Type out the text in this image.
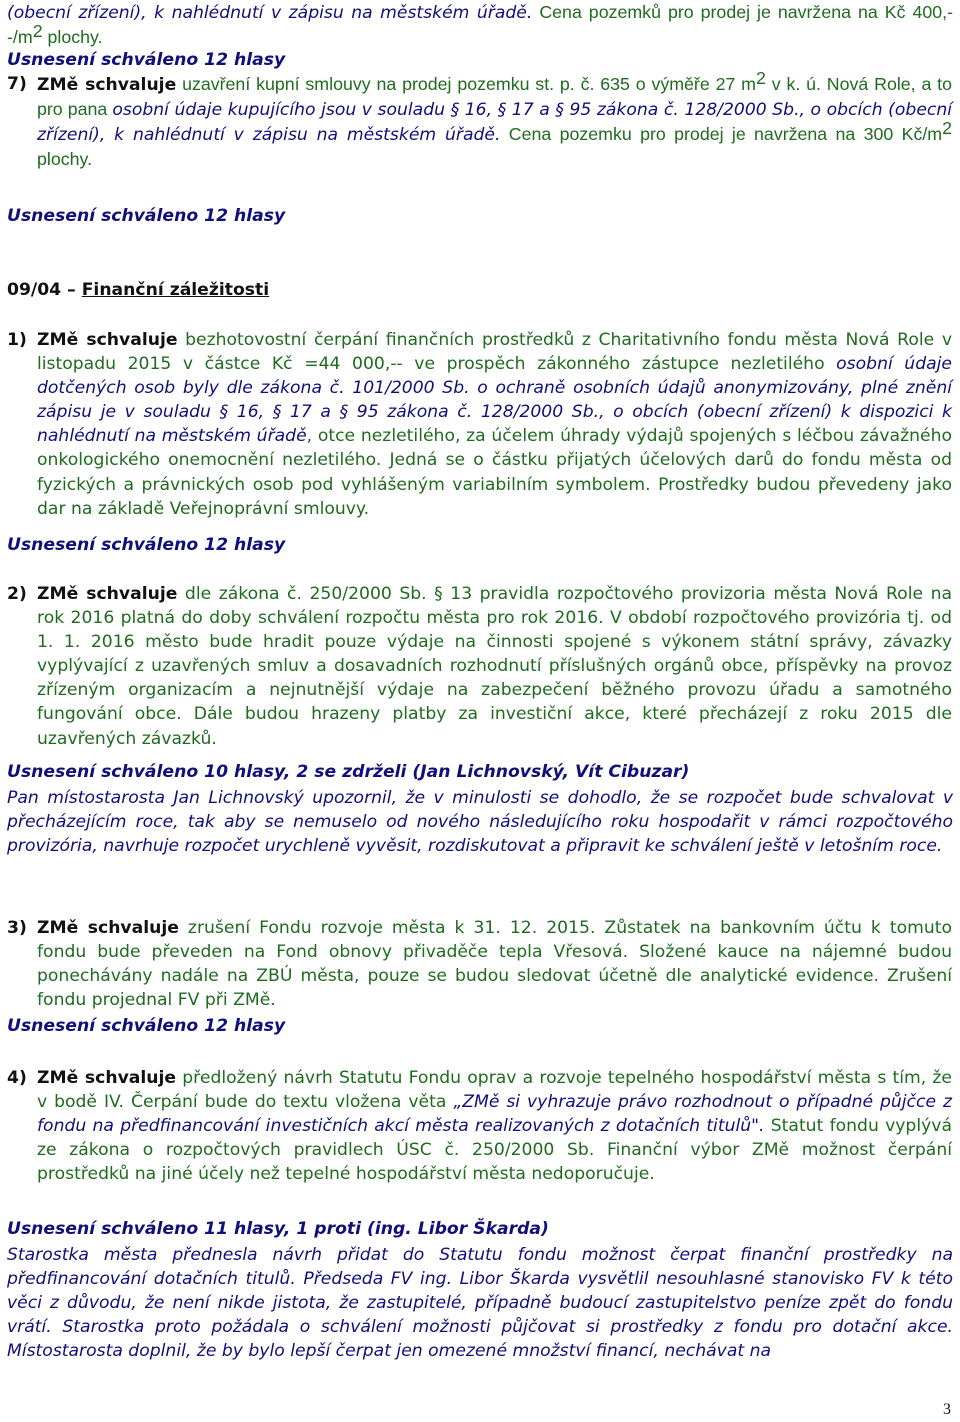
(obecní zřízení), k nahlédnutí v zápisu na městském úřadě. Cena pozemků pro prodej je navržena na Kč $400,--/m^2$ plochy.

Usnesení schváleno 12 hlasy

7) ZMě schvaluje uzavření kupní smlouvy na prodej pozemku st. p. č. 635 o výměře 27 $m^2$ v k. ú. Nová Role, a to pro pana osobní údaje kupujícího jsou v souladu § 16, § 17 a § 95 zákona č. 128/2000 Sb., o obcích (obecní zřízení), k nahlédnutí v zápisu na městském úřadě. Cena pozemku pro prodej je navržena na 300 $Kč/m^2$ plochy.

Usnesení schváleno 12 hlasy

09/04 – Finanční záležitosti
1) ZMě schvaluje bezhotovostní čerpání finančních prostředků z Charitativního fondu města Nová Role v listopadu 2015 v částce Kč =44 000,-- ve prospěch zákonného zástupce nezletilého osobní údaje dotčených osob byly dle zákona č. 101/2000 Sb. o ochraně osobních údajů anonymizovány, plné znění zápisu je v souladu § 16, § 17 a § 95 zákona č. 128/2000 Sb., o obcích (obecní zřízení) k dispozici k nahlédnutí na městském úřadě, otce nezletilého, za účelem úhrady výdajů spojených s léčbou závažného onkologického onemocnění nezletilého. Jedná se o částku přijatých účelových darů do fondu města od fyzických a právnických osob pod vyhlášeným variabilním symbolem. Prostředky budou převedeny jako dar na základě Veřejnoprávní smlouvy.

Usnesení schváleno 12 hlasy

2) ZMě schvaluje dle zákona č. 250/2000 Sb. § 13 pravidla rozpočtového provizoria města Nová Role na rok 2016 platná do doby schválení rozpočtu města pro rok 2016. V období rozpočtového provizória tj. od 1. 1. 2016 město bude hradit pouze výdaje na činnosti spojené s výkonem státní správy, závazky vyplývající z uzavřených smluv a dosavadních rozhodnutí příslušných orgánů obce, příspěvky na provoz zřízeným organizacím a nejnutnější výdaje na zabezpečení běžného provozu úřadu a samotného fungování obce. Dále budou hrazeny platby za investiční akce, které přecházejí z roku 2015 dle uzavřených závazků.

Usnesení schváleno 10 hlasy, 2 se zdrželi (Jan Lichnovský, Vít Cibuzar)

Pan místostarosta Jan Lichnovský upozornil, že v minulosti se dohodlo, že se rozpočet bude schvalovat v přecházejícím roce, tak aby se nemuselo od nového následujícího roku hospodařit v rámci rozpočtového provizória, navrhuje rozpočet urychleně vyvěsit, rozdiskutovat a připravit ke schválení ještě v letošním roce.

3) ZMě schvaluje zrušení Fondu rozvoje města k 31. 12. 2015. Zůstatek na bankovním účtu k tomuto fondu bude převeden na Fond obnovy přivaděče tepla Vřesová. Složené kauce na nájemné budou ponechávány nadále na ZBÚ města, pouze se budou sledovat účetně dle analytické evidence. Zrušení fondu projednal FV při ZMě.

Usnesení schváleno 12 hlasy

4) ZMě schvaluje předložený návrh Statutu Fondu oprav a rozvoje tepelného hospodářství města s tím, že v bodě IV. Čerpání bude do textu vložena věta „ZMě si vyhrazuje právo rozhodnout o případné půjčce z fondu na předfinancování investičních akcí města realizovaných z dotačních titulů". Statut fondu vyplývá ze zákona o rozpočtových pravidlech ÚSC č. 250/2000 Sb. Finanční výbor ZMě možnost čerpání prostředků na jiné účely než tepelné hospodářství města nedoporučuje.

Usnesení schváleno 11 hlasy, 1 proti (ing. Libor Škarda)

Starostka města přednesla návrh přidat do Statutu fondu možnost čerpat finanční prostředky na předfinancování dotačních titulů. Předseda FV ing. Libor Škarda vysvětlil nesouhlasné stanovisko FV k této věci z důvodu, že není nikde jistota, že zastupitelé, případně budoucí zastupitelstvo peníze zpět do fondu vrátí. Starostka proto požádala o schválení možnosti půjčovat si prostředky z fondu pro dotační akce. Místostarosta doplnil, že by bylo lepší čerpat jen omezené množství financí, nechávat na

3
